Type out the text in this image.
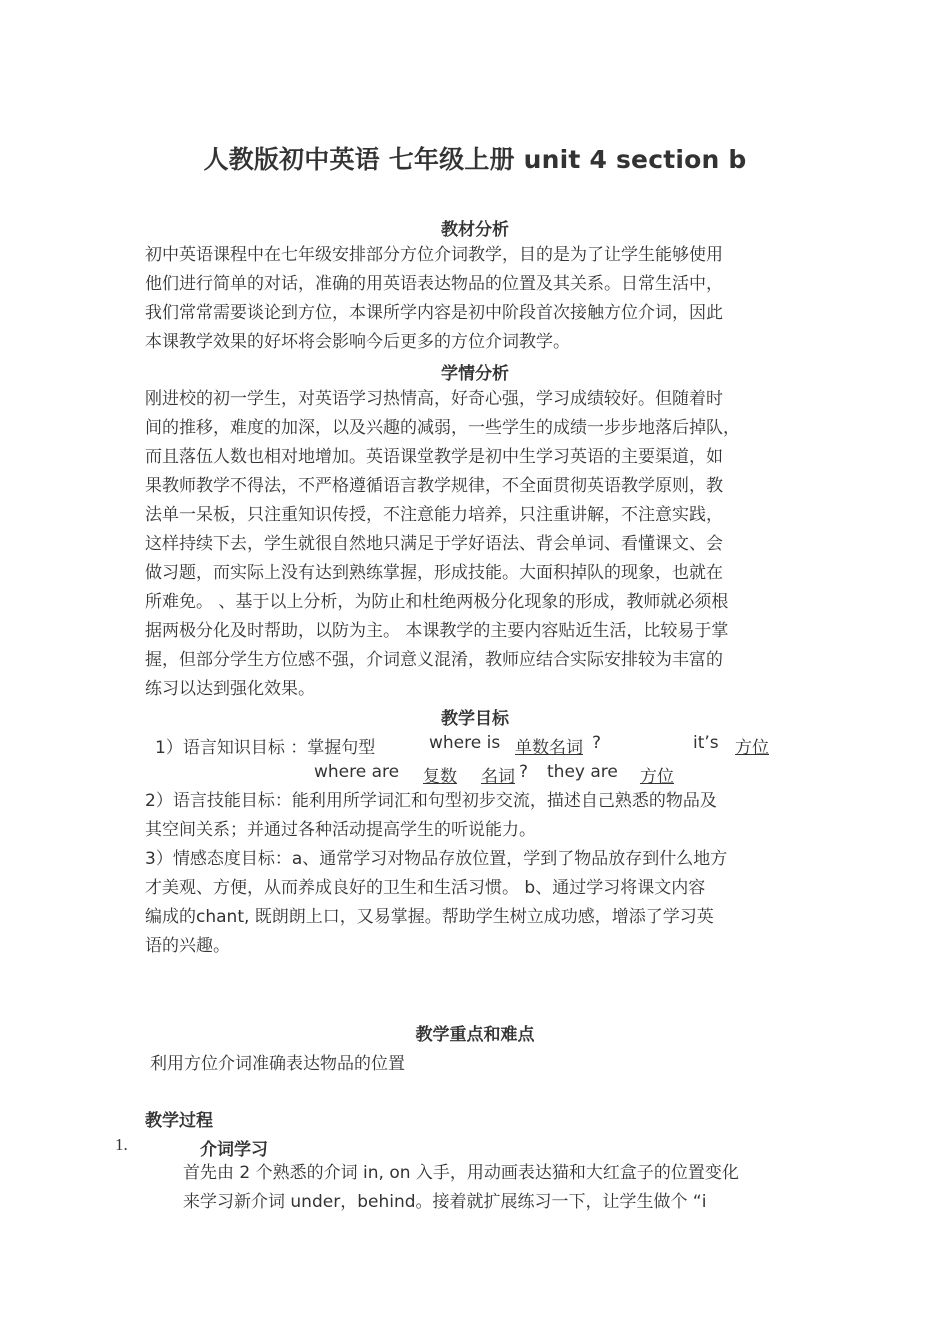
人教版初中英语 七年级上册 unit 4 section b
教材分析
初中英语课程中在七年级安排部分方位介词教学，目的是为了让学生能够使用
他们进行简单的对话，准确的用英语表达物品的位置及其关系。日常生活中，
我们常常需要谈论到方位，本课所学内容是初中阶段首次接触方位介词，因此
本课教学效果的好坏将会影响今后更多的方位介词教学。
学情分析
刚进校的初一学生，对英语学习热情高，好奇心强，学习成绩较好。但随着时
间的推移，难度的加深，以及兴趣的减弱，一些学生的成绩一步步地落后掉队，
而且落伍人数也相对地增加。英语课堂教学是初中生学习英语的主要渠道，如
果教师教学不得法，不严格遵循语言教学规律，不全面贯彻英语教学原则，教
法单一呆板，只注重知识传授，不注意能力培养，只注重讲解，不注意实践，
这样持续下去，学生就很自然地只满足于学好语法、背会单词、看懂课文、会
做习题，而实际上没有达到熟练掌握，形成技能。大面积掉队的现象，也就在
所难免。 、基于以上分析，为防止和杜绝两极分化现象的形成，教师就必须根
据两极分化及时帮助，以防为主。 本课教学的主要内容贴近生活，比较易于掌
握，但部分学生方位感不强，介词意义混淆，教师应结合实际安排较为丰富的
练习以达到强化效果。
教学目标
1）语言知识目标 ：掌握句型	where is 单数名词 ?	it’s 方位
where are 复数 名词 ? they are 方位
2）语言技能目标：能利用所学词汇和句型初步交流，描述自己熟悉的物品及
其空间关系；并通过各种活动提高学生的听说能力。
3）情感态度目标：a、通常学习对物品存放位置，学到了物品放存到什么地方
才美观、方便，从而养成良好的卫生和生活习惯。 b、通过学习将课文内容
编成的chant, 既朗朗上口，又易掌握。帮助学生树立成功感，增添了学习英
语的兴趣。
教学重点和难点
利用方位介词准确表达物品的位置
教学过程
1.	介词学习
首先由 2 个熟悉的介词 in, on 入手，用动画表达猫和大红盒子的位置变化
来学习新介词 under，behind。接着就扩展练习一下，让学生做个 “i
